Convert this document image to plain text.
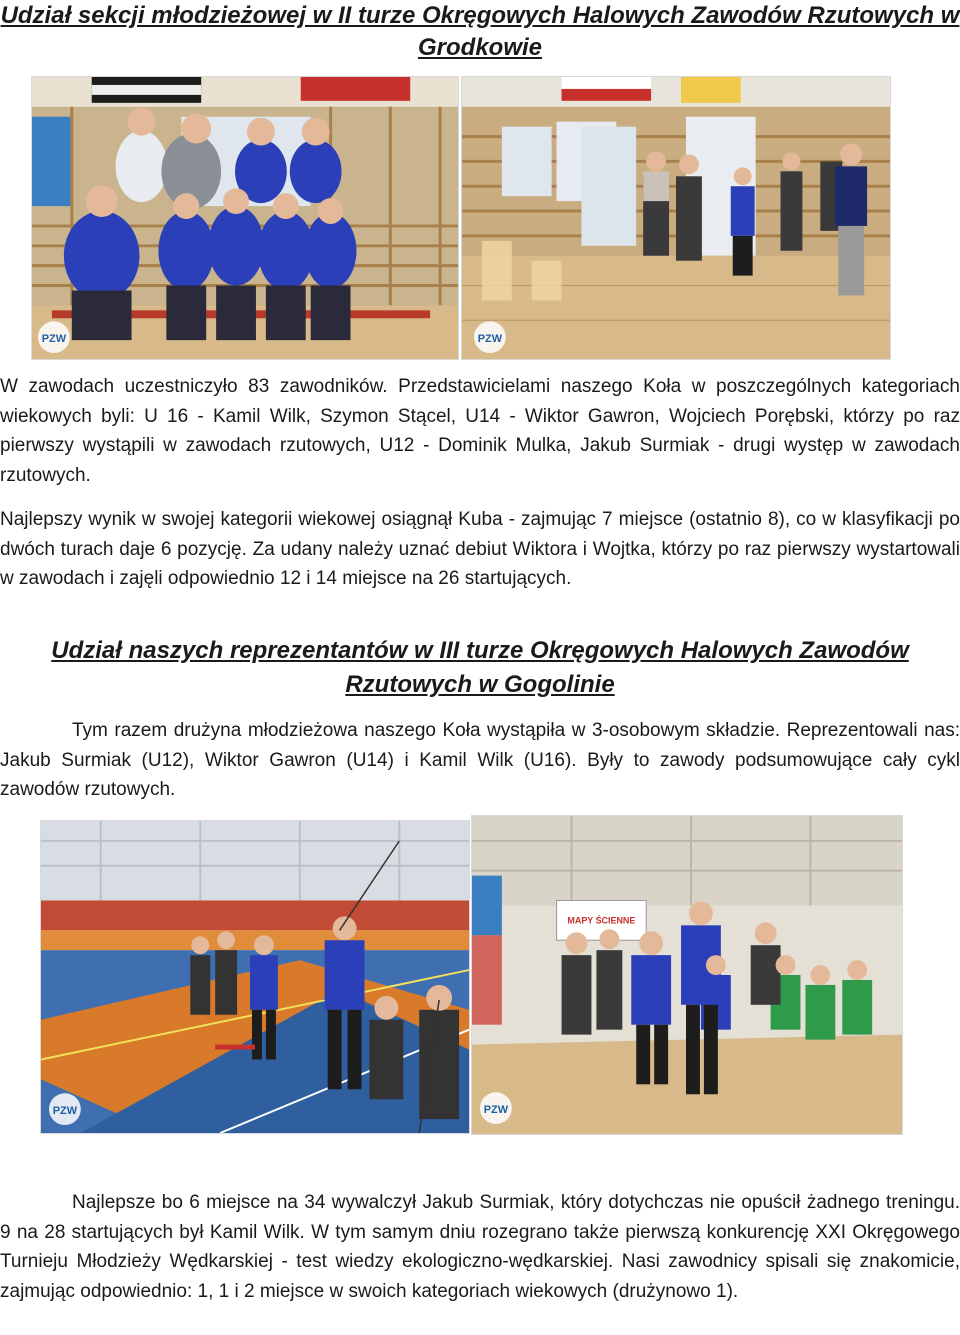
Udział sekcji młodzieżowej w II turze Okręgowych Halowych Zawodów Rzutowych w Grodkowie
PZW	PZW

W zawodach uczestniczyło 83 zawodników. Przedstawicielami naszego Koła w poszczególnych kategoriach wiekowych byli: U 16 - Kamil Wilk, Szymon Stącel, U14 - Wiktor Gawron, Wojciech Porębski, którzy po raz pierwszy wystąpili w zawodach rzutowych, U12 - Dominik Mulka, Jakub Surmiak - drugi występ w zawodach rzutowych.

Najlepszy wynik w swojej kategorii wiekowej osiągnął Kuba - zajmując 7 miejsce (ostatnio 8), co w klasyfikacji po dwóch turach daje 6 pozycję. Za udany należy uznać debiut Wiktora i Wojtka, którzy po raz pierwszy wystartowali w zawodach i zajęli odpowiednio 12 i 14 miejsce na 26 startujących.

Udział naszych reprezentantów w III turze Okręgowych Halowych Zawodów Rzutowych w Gogolinie

Tym razem drużyna młodzieżowa naszego Koła wystąpiła w 3-osobowym składzie. Reprezentowali nas: Jakub Surmiak (U12), Wiktor Gawron (U14) i Kamil Wilk (U16). Były to zawody podsumowujące cały cykl zawodów rzutowych.

PZW
MAPY ŚCIENNE
PZW

Najlepsze bo 6 miejsce na 34 wywalczył Jakub Surmiak, który dotychczas nie opuścił żadnego treningu. 9 na 28 startujących był Kamil Wilk. W tym samym dniu rozegrano także pierwszą konkurencję XXI Okręgowego Turnieju Młodzieży Wędkarskiej - test wiedzy ekologiczno-wędkarskiej. Nasi zawodnicy spisali się znakomicie, zajmując odpowiednio: 1, 1 i 2 miejsce w swoich kategoriach wiekowych (drużynowo 1).
